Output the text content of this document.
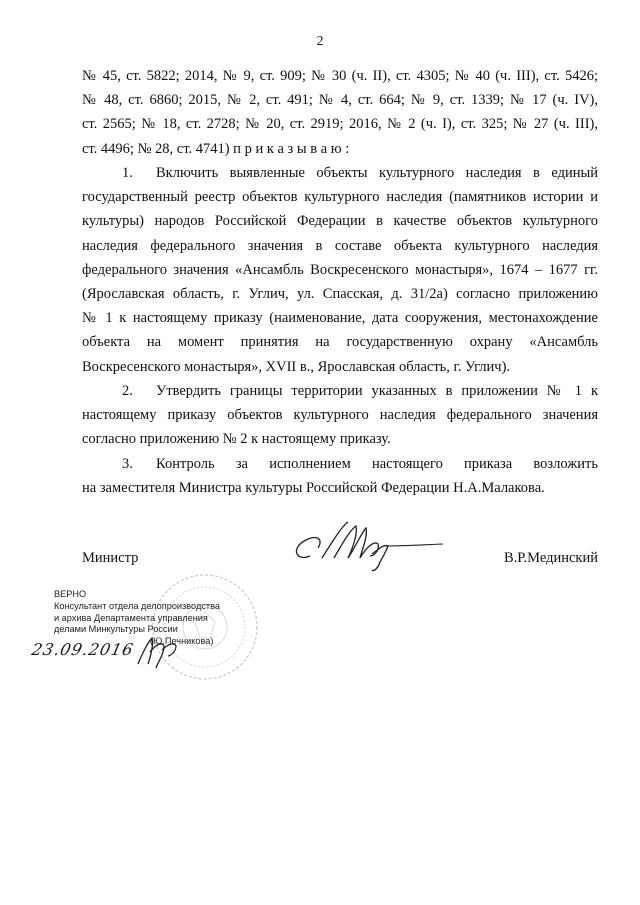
2
№ 45, ст. 5822; 2014, № 9, ст. 909; № 30 (ч. II), ст. 4305; № 40 (ч. III), ст. 5426;
№ 48, ст. 6860; 2015, № 2, ст. 491; № 4, ст. 664; № 9, ст. 1339; № 17 (ч. IV),
ст. 2565; № 18, ст. 2728; № 20, ст. 2919; 2016, № 2 (ч. I), ст. 325; № 27 (ч. III),
ст. 4496; № 28, ст. 4741) п р и к а з ы в а ю :
1. Включить выявленные объекты культурного наследия в единый
государственный реестр объектов культурного наследия (памятников истории и
культуры) народов Российской Федерации в качестве объектов культурного
наследия федерального значения в составе объекта культурного наследия
федерального значения «Ансамбль Воскресенского монастыря», 1674 – 1677 гг.
(Ярославская область, г. Углич, ул. Спасская, д. 31/2а) согласно приложению
№ 1 к настоящему приказу (наименование, дата сооружения, местонахождение
объекта на момент принятия на государственную охрану «Ансамбль
Воскресенского монастыря», XVII в., Ярославская область, г. Углич).
2. Утвердить границы территории указанных в приложении № 1 к
настоящему приказу объектов культурного наследия федерального значения
согласно приложению № 2 к настоящему приказу.
3. Контроль за исполнением настоящего приказа возложить
на заместителя Министра культуры Российской Федерации Н.А.Малакова.
Министр	В.Р.Мединский
ВЕРНО
Консультант отдела делопроизводства
и архива Департамента управления
делами Минкультуры России
(Ю.Печникова)
23.09.2016
